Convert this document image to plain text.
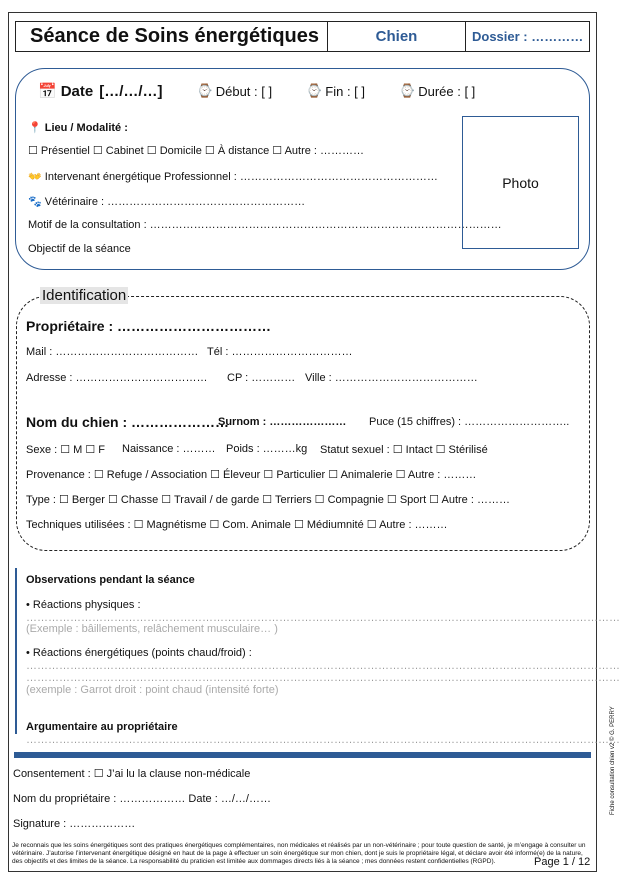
Séance de Soins énergétiques	Chien	Dossier : …………
📅 Date […/…/…]	⌚ Début : [ ]	⌚ Fin : [ ]	⌚ Durée : [ ]
📍 Lieu / Modalité :
☐ Présentiel ☐ Cabinet ☐ Domicile ☐ À distance ☐ Autre : …………
👐 Intervenant énergétique Professionnel : ………………………………………………
🐾 Vétérinaire : ………………………………………………
Motif de la consultation : ……………………………………………………………………………………
Objectif de la séance
Photo
Identification
Propriétaire : ……………………………
Mail : ………………………………… Tél : ……………………………
Adresse : ……………………………… CP : ………… Ville : …………………………………
Nom du chien : …………………
Surnom : ………………… Puce (15 chiffres) : ………………………..
Sexe : ☐ M ☐ F Naissance : ……… Poids : ………kg Statut sexuel : ☐ Intact ☐ Stérilisé
Provenance : ☐ Refuge / Association ☐ Éleveur ☐ Particulier ☐ Animalerie ☐ Autre : ………
Type : ☐ Berger ☐ Chasse ☐ Travail / de garde ☐ Terriers ☐ Compagnie ☐ Sport ☐ Autre : ………
Techniques utilisées : ☐ Magnétisme ☐ Com. Animale ☐ Médiumnité ☐ Autre : ………
Observations pendant la séance
• Réactions physiques :
………………………………………………………………………………………………………………………………………………
(Exemple : bâillements, relâchement musculaire… )
• Réactions énergétiques (points chaud/froid) :
………………………………………………………………………………………………………………………………………………
………………………………………………………………………………………………………………………………………………
(exemple : Garrot droit : point chaud (intensité forte)
Argumentaire au propriétaire
………………………………………………………………………………………………………………………………………………
Consentement : ☐ J’ai lu la clause non-médicale
Nom du propriétaire : ……………… Date : …/…/……
Signature : ………………
Je reconnais que les soins énergétiques sont des pratiques énergétiques complémentaires, non médicales et réalisés par un non-vétérinaire ; pour toute question de santé, je m’engage à consulter un vétérinaire. J’autorise l’intervenant énergétique désigné en haut de la page à effectuer un soin énergétique sur mon chien, dont je suis le propriétaire légal, et déclare avoir été informé(e) de la nature, des objectifs et des limites de la séance. La responsabilité du praticien est limitée aux dommages directs liés à la séance ; mes données restent confidentielles (RGPD).	Page 1 / 12
Fiche consultation chien v2 © G. PERRY
